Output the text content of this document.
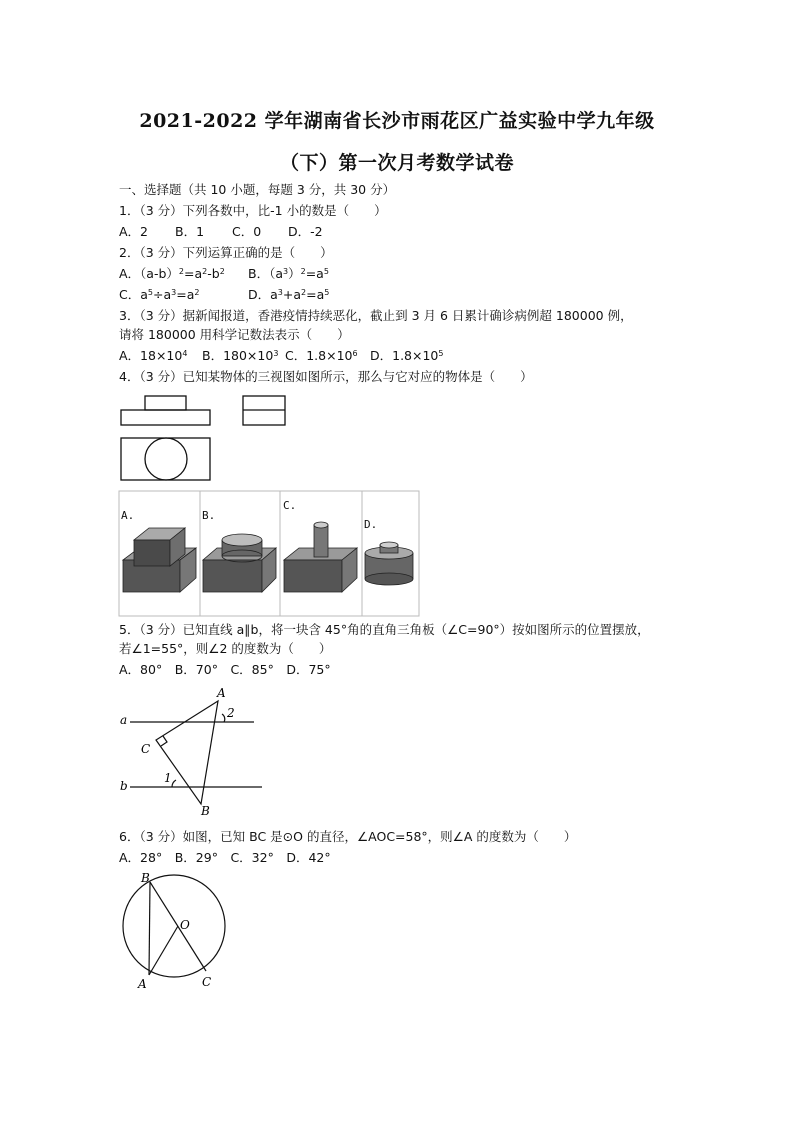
2021-2022 学年湖南省长沙市雨花区广益实验中学九年级
（下）第一次月考数学试卷
一、选择题（共 10 小题，每题 3 分，共 30 分）
1．（3 分）下列各数中，比-1 小的数是（　　）
A．2 B．1 C．0 D．-2
2．（3 分）下列运算正确的是（　　）
A．$(a-b)^2=a^2-b^2$ B．$(a^3)^2=a^5$
C．$a^5\div a^3=a^2$	D．$a^3+a^2=a^5$
3．（3 分）据新闻报道，香港疫情持续恶化，截止到 3 月 6 日累计确诊病例超 180000 例，
请将 180000 用科学记数法表示（　　）
A．$18\times 10^4$ B．$180\times 10^3$ C．$1.8\times 10^6$ D．$1.8\times 10^5$
4．（3 分）已知某物体的三视图如图所示，那么与它对应的物体是（　　）
A.	B.
C.
D.
5．（3 分）已知直线 a∥b，将一块含 45°角的直角三角板（∠C=90°）按如图所示的位置摆放，
若∠1=55°，则∠2 的度数为（　　）
A．80°　B．70°　C．85°　D．75°
a
b
A
B
C
1
2
6．（3 分）如图，已知 BC 是⊙O 的直径，∠AOC=58°，则∠A 的度数为（　　）
A．28°　B．29°　C．32°　D．42°
B
O
A	C
